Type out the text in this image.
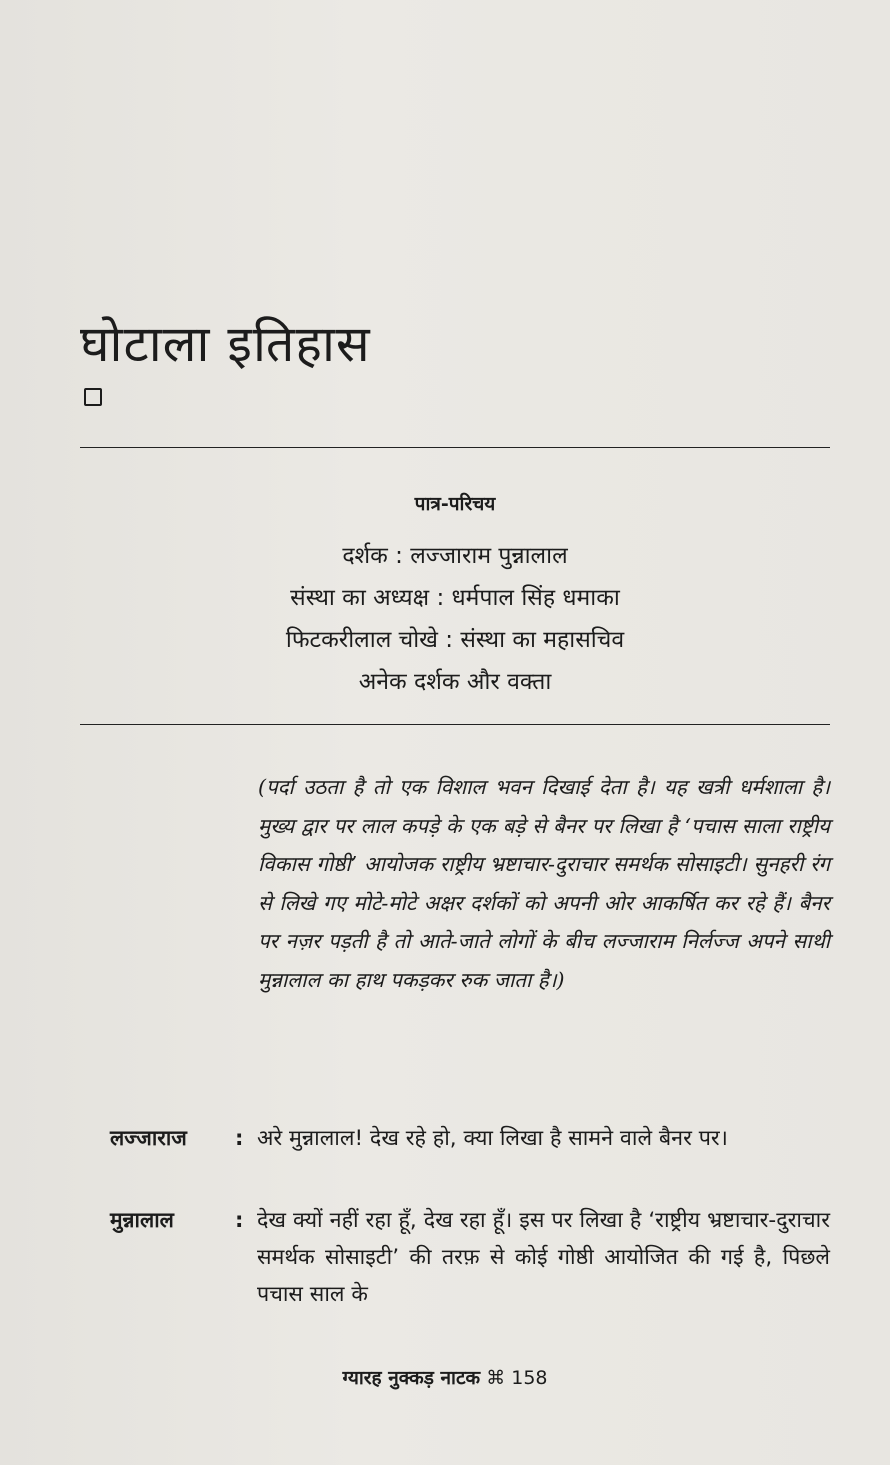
घोटाला इतिहास
पात्र-परिचय
दर्शक : लज्जाराम पुन्नालाल
संस्था का अध्यक्ष : धर्मपाल सिंह धमाका
फिटकरीलाल चोखे : संस्था का महासचिव
अनेक दर्शक और वक्ता
(पर्दा उठता है तो एक विशाल भवन दिखाई देता है। यह खत्री धर्मशाला है। मुख्य द्वार पर लाल कपड़े के एक बड़े से बैनर पर लिखा है ‘पचास साला राष्ट्रीय विकास गोष्ठी’ आयोजक राष्ट्रीय भ्रष्टाचार-दुराचार समर्थक सोसाइटी। सुनहरी रंग से लिखे गए मोटे-मोटे अक्षर दर्शकों को अपनी ओर आकर्षित कर रहे हैं। बैनर पर नज़र पड़ती है तो आते-जाते लोगों के बीच लज्जाराम निर्लज्ज अपने साथी मुन्नालाल का हाथ पकड़कर रुक जाता है।)
लज्जाराज	: अरे मुन्नालाल! देख रहे हो, क्या लिखा है सामने वाले बैनर पर।
मुन्नालाल	: देख क्यों नहीं रहा हूँ, देख रहा हूँ। इस पर लिखा है ‘राष्ट्रीय भ्रष्टाचार-दुराचार समर्थक सोसाइटी’ की तरफ़ से कोई गोष्ठी आयोजित की गई है, पिछले पचास साल के
ग्यारह नुक्कड़ नाटक ⌘ 158
